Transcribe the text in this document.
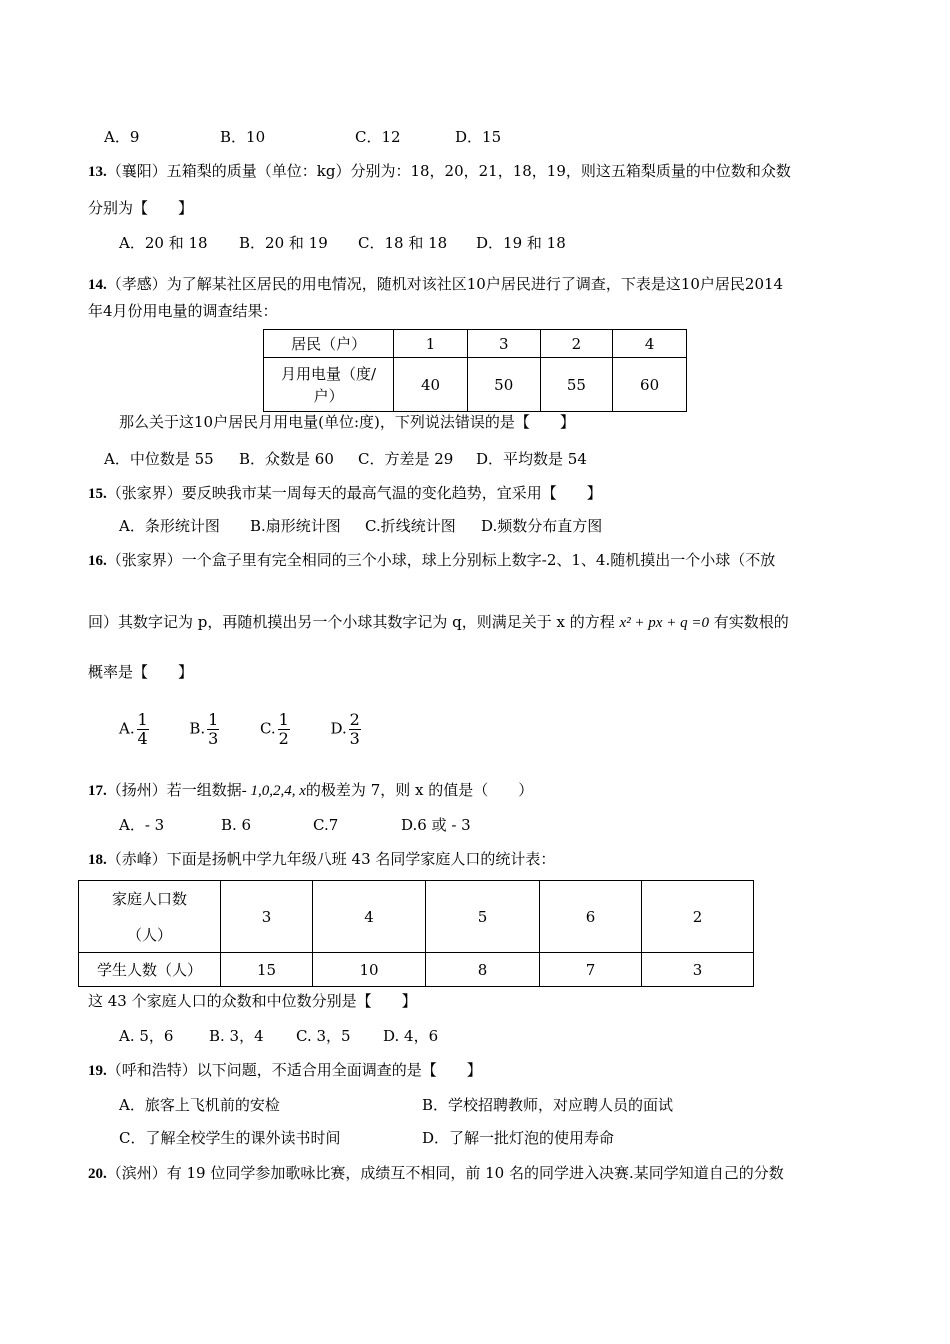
A．9	B．10	C．12	D．15
13.（襄阳）五箱梨的质量（单位：kg）分别为：18，20，21，18，19，则这五箱梨质量的中位数和众数
分别为【　　】
A．20 和 18 B．20 和 19 C．18 和 18 D．19 和 18
14.（孝感）为了解某社区居民的用电情况，随机对该社区10户居民进行了调查，下表是这10户居民2014
年4月份用电量的调查结果：
居民（户）	1	3	2	4

月用电量（度/
户）	40	50	55	60
那么关于这10户居民月用电量(单位:度)，下列说法错误的是【　　】
A．中位数是 55 B．众数是 60 C．方差是 29 D．平均数是 54
15.（张家界）要反映我市某一周每天的最高气温的变化趋势，宜采用【　　】
A．条形统计图 B.扇形统计图 C.折线统计图 D.频数分布直方图
16.（张家界）一个盒子里有完全相同的三个小球，球上分别标上数字-2、1、4.随机摸出一个小球（不放
回）其数字记为 p，再随机摸出另一个小球其数字记为 q，则满足关于 x 的方程 x² + px + q =0 有实数根的
概率是【　　】
A. $\frac{1}{4}$	B. $\frac{1}{3}$	C. $\frac{1}{2}$	D. $\frac{2}{3}$
17.（扬州）若一组数据- 1,0,2,4, x的极差为 7，则 x 的值是（　　）
A．- 3	B. 6	C.7	D.6 或 - 3
18.（赤峰）下面是扬帆中学九年级八班 43 名同学家庭人口的统计表：
家庭人口数
（人）	3	4	5	6	2
学生人数（人）	15	10	8	7	3
这 43 个家庭人口的众数和中位数分别是【　　】
A. 5，6 B. 3，4 C. 3，5 D. 4，6
19.（呼和浩特）以下问题，不适合用全面调查的是【　　】
A．旅客上飞机前的安检	B．学校招聘教师，对应聘人员的面试
C．了解全校学生的课外读书时间	D．了解一批灯泡的使用寿命
20.（滨州）有 19 位同学参加歌咏比赛，成绩互不相同，前 10 名的同学进入决赛.某同学知道自己的分数
